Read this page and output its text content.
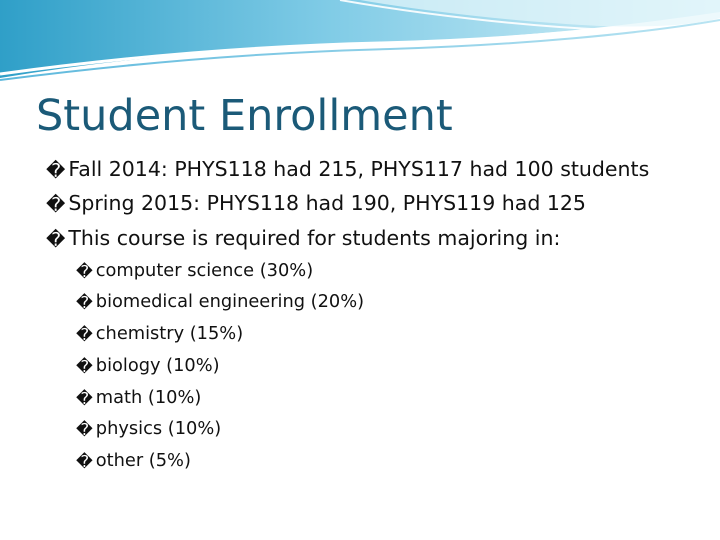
Student Enrollment
� Fall 2014: PHYS118 had 215, PHYS117 had 100 students
� Spring 2015: PHYS118 had 190, PHYS119 had 125
� This course is required for students majoring in:
� computer science (30%)
� biomedical engineering (20%)
� chemistry (15%)
� biology (10%)
� math (10%)
� physics (10%)
� other (5%)
